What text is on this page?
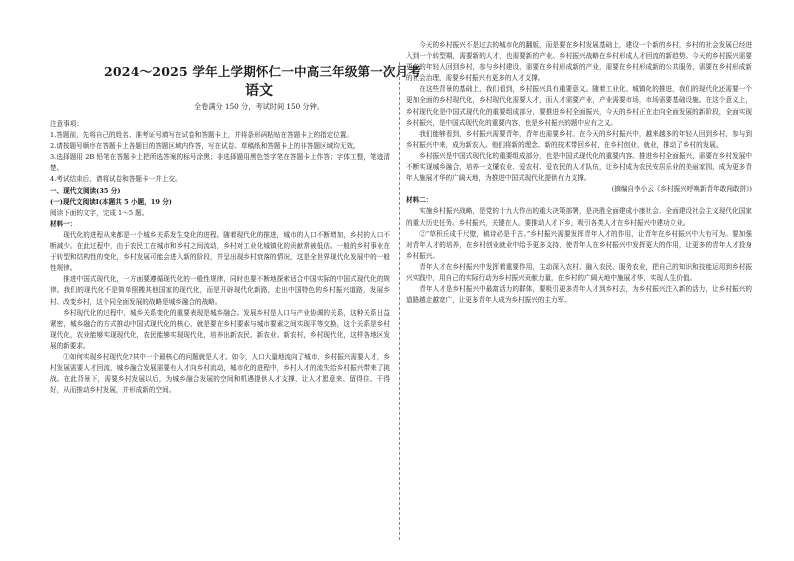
2024～2025 学年上学期怀仁一中高三年级第一次月考
语文
全卷满分 150 分，考试时间 150 分钟。

注意事项：

1.答题前，先将自己的姓名、准考证号填写在试卷和答题卡上，并将条形码粘贴在答题卡上的指定位置。

2.请按题号顺序在答题卡上各题目的答题区域内作答，写在试卷、草稿纸和答题卡上的非答题区域均无效。

3.选择题用 2B 铅笔在答题卡上把所选答案的标号涂黑；非选择题用黑色签字笔在答题卡上作答；字体工整，笔迹清楚。

4.考试结束后，请将试卷和答题卡一并上交。

一、现代文阅读(35 分)

(一)现代文阅读Ⅰ(本题共 5 小题，19 分)

阅读下面的文字，完成 1～5 题。

材料一：

现代化的进程从来都是一个城乡关系发生变化的进程。随着现代化的推进，城市的人口不断增加，乡村的人口不断减少。在此过程中，由于农民工在城市和乡村之间流动，乡村对工业化城镇化的贡献常被低估。一般的乡村事业在于转型和结构性的变化，乡村发展可能会进入新的阶段，并呈出现乡村衰落的情况，这是全世界现代化发展中的一般性规律。

推进中国式现代化，一方面要遵循现代化的一般性规律，同时也要不断地探索适合中国实际的中国式现代化的规律。我们的现代化不是简单照搬其他国家的现代化，而是开辟现代化新路，走出中国特色的乡村振兴道路，发展乡村、改变乡村，这个同全面发展的战略是城乡融合的战略。

乡村现代化的过程中，城乡关系变化的重要表现是城乡融合。发展乡村是人口与产业协调的关系，这种关系日益紧密，城乡融合的方式推动中国式现代化的核心，就是要在乡村要素与城市要素之间实现平等交换，这个关系是乡村现代化，农业能够实现现代化，农民能够实现现代化，培养出新农民、新农业、新农村，乡村现代化，这样各地区发展的新要求。

①如何实现乡村现代化?其中一个最核心的问题就是人才。如今，人口大量地流向了城市，乡村振兴需要人才，乡村发展需要人才回流，城乡融合发展需要有人才向乡村流动，城市化的进程中，乡村人才的流失给乡村振兴带来了挑战。在此背景下，需要乡村发展以后，为城乡融合发展的空间和机遇提供人才支撑，让人才愿意来、留得住、干得好，从而推动乡村发展，并形成新的空间。

今天的乡村振兴不是过去的城市化的翻版，而是要在乡村发展基础上，建设一个新的乡村，乡村的社会发展已经进入到一个转型期，需要新的人才，也需要新的产业。乡村振兴战略在乡村形成人才回流的新趋势。今天的乡村振兴需要更多的年轻人回到乡村，参与乡村建设，需要在乡村形成新的产业，需要在乡村形成新的公共服务，需要在乡村形成新的社会治理，需要乡村振兴有更多的人才支撑。

在这些背景的基础上，我们看到，乡村振兴具有重要意义。随着工业化、城镇化的推进，我们的现代化还需要一个更加全面的乡村现代化，乡村现代化需要人才，而人才需要产业，产业需要市场，市场需要基础设施。在这个意义上，乡村现代化是中国式现代化的重要组成部分，要推进乡村全面振兴，今天的乡村正在走向全面发展的新阶段，全面实现乡村振兴，是中国式现代化的重要内容，也是乡村振兴的题中应有之义。

我们能够看到，乡村振兴需要青年，青年也需要乡村。在今天的乡村振兴中，越来越多的年轻人回到乡村，参与到乡村振兴中来，成为新农人。他们将新的理念、新的技术带回乡村，在乡村创业、就业，推动了乡村的发展。

乡村振兴是中国式现代化的重要组成部分，也是中国式现代化的重要内容。推进乡村全面振兴，需要在乡村发展中不断实现城乡融合，培养一支懂农业、爱农村、爱农民的人才队伍，让乡村成为农民安居乐业的美丽家园，成为更多青年人施展才华的广阔天地，为推进中国式现代化提供有力支撑。

(摘编自李小云《乡村振兴呼唤新青年敢闯敢拼》)

材料二：

实施乡村振兴战略，是党的十九大作出的重大决策部署，是决胜全面建成小康社会、全面建设社会主义现代化国家的重大历史任务。乡村振兴，关键在人。要推动人才下乡，吸引各类人才在乡村振兴中建功立业。

②“草积丘成千尺壁，稿诗必是千古。”乡村振兴需要发挥青年人才的作用，让青年在乡村振兴中大有可为。要加强对青年人才的培养，在乡村创业就业中给予更多支持，使青年人在乡村振兴中发挥更大的作用，让更多的青年人才投身乡村振兴。

青年人才在乡村振兴中发挥着重要作用，主动深入农村、融入农民、服务农业，把自己的知识和技能运用到乡村振兴实践中，用自己的实际行动为乡村振兴贡献力量，在乡村的广阔天地中施展才华，实现人生价值。

青年人才是乡村振兴中最富活力的群体，要吸引更多青年人才到乡村去，为乡村振兴注入新的活力，让乡村振兴的道路越走越宽广，让更多青年人成为乡村振兴的主力军。
